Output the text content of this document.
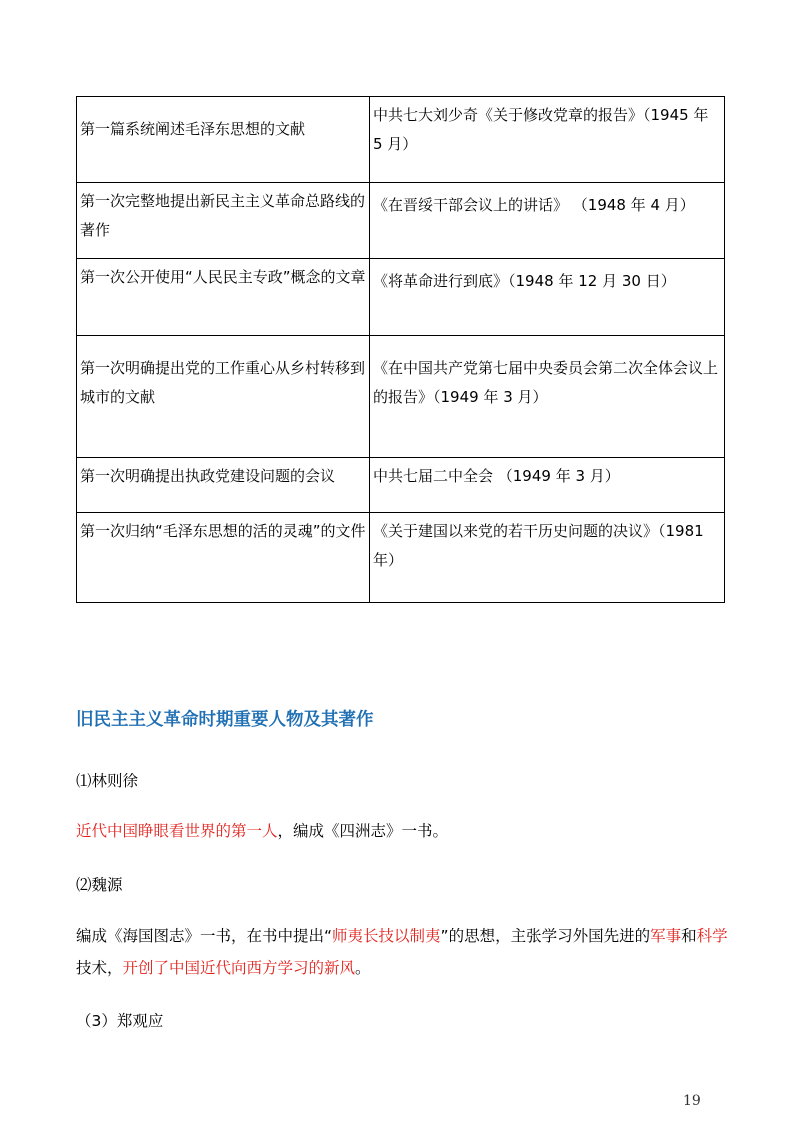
第一篇系统阐述毛泽东思想的文献	中共七大刘少奇《关于修改党章的报告》（1945 年 5 月）
第一次完整地提出新民主主义革命总路线的著作	《在晋绥干部会议上的讲话》 （1948 年 4 月）
第一次公开使用“人民民主专政”概念的文章	《将革命进行到底》（1948 年 12 月 30 日）
第一次明确提出党的工作重心从乡村转移到城市的文献	《在中国共产党第七届中央委员会第二次全体会议上的报告》（1949 年 3 月）
第一次明确提出执政党建设问题的会议	中共七届二中全会 （1949 年 3 月）
第一次归纳“毛泽东思想的活的灵魂”的文件	《关于建国以来党的若干历史问题的决议》（1981 年）
旧民主主义革命时期重要人物及其著作
⑴林则徐
近代中国睁眼看世界的第一人，编成《四洲志》一书。
⑵魏源
编成《海国图志》一书，在书中提出“师夷长技以制夷”的思想，主张学习外国先进的军事和科学技术，开创了中国近代向西方学习的新风。
（3）郑观应
19
